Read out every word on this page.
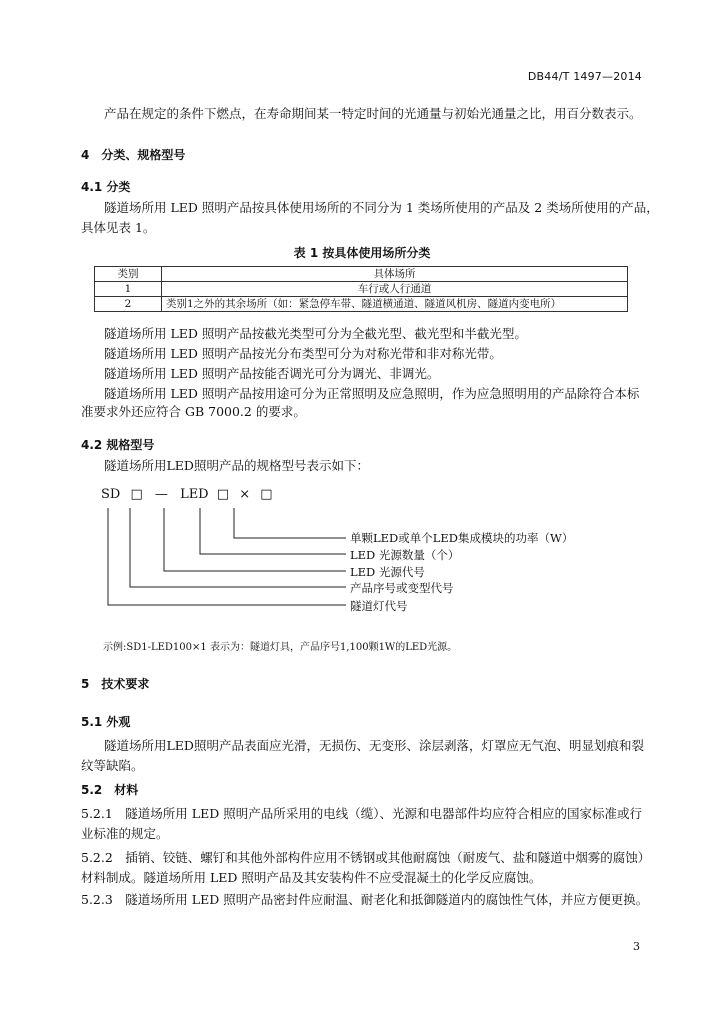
DB44/T 1497—2014
产品在规定的条件下燃点，在寿命期间某一特定时间的光通量与初始光通量之比，用百分数表示。
4　分类、规格型号
4.1 分类
隧道场所用 LED 照明产品按具体使用场所的不同分为 1 类场所使用的产品及 2 类场所使用的产品，
具体见表 1。
表 1 按具体使用场所分类
类别	具体场所
1	车行或人行通道
2	类别1之外的其余场所（如：紧急停车带、隧道横通道、隧道风机房、隧道内变电所）
隧道场所用 LED 照明产品按截光类型可分为全截光型、截光型和半截光型。
隧道场所用 LED 照明产品按光分布类型可分为对称光带和非对称光带。
隧道场所用 LED 照明产品按能否调光可分为调光、非调光。
隧道场所用 LED 照明产品按用途可分为正常照明及应急照明，作为应急照明用的产品除符合本标
准要求外还应符合 GB 7000.2 的要求。
4.2 规格型号
隧道场所用LED照明产品的规格型号表示如下：
SD □ — LED □ × □
单颗LED或单个LED集成模块的功率（W）
LED 光源数量（个）
LED 光源代号
产品序号或变型代号
隧道灯代号
示例:SD1-LED100×1 表示为：隧道灯具，产品序号1,100颗1W的LED光源。
5　技术要求
5.1 外观
隧道场所用LED照明产品表面应光滑，无损伤、无变形、涂层剥落，灯罩应无气泡、明显划痕和裂
纹等缺陷。
5.2　材料
5.2.1　隧道场所用 LED 照明产品所采用的电线（缆）、光源和电器部件均应符合相应的国家标准或行
业标准的规定。
5.2.2　插销、铰链、螺钉和其他外部构件应用不锈钢或其他耐腐蚀（耐废气、盐和隧道中烟雾的腐蚀）
材料制成。隧道场所用 LED 照明产品及其安装构件不应受混凝土的化学反应腐蚀。
5.2.3　隧道场所用 LED 照明产品密封件应耐温、耐老化和抵御隧道内的腐蚀性气体，并应方便更换。
3
